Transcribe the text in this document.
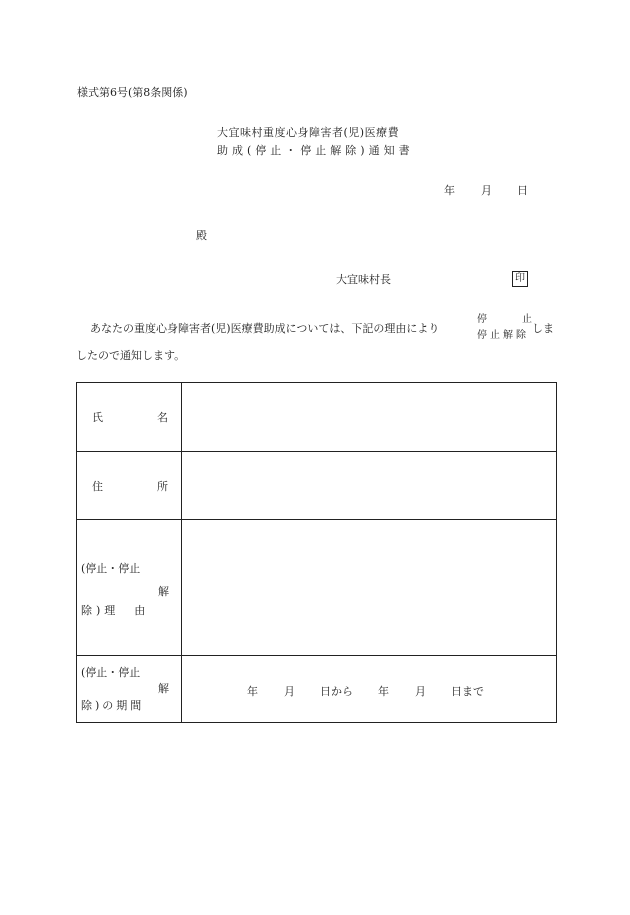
様式第6号(第8条関係)
大宜味村重度心身障害者(児)医療費
助成(停止・停止解除)通知書
年 月 日
殿
大宜味村長	印
あなたの重度心身障害者(児)医療費助成については、下記の理由により
停	止
停止解除
しま
したので通知します。
氏	名
住	所
(停止・停止
解
除)理　由
(停止・停止
解
除)の期間
年 月 日から 年 月 日まで
